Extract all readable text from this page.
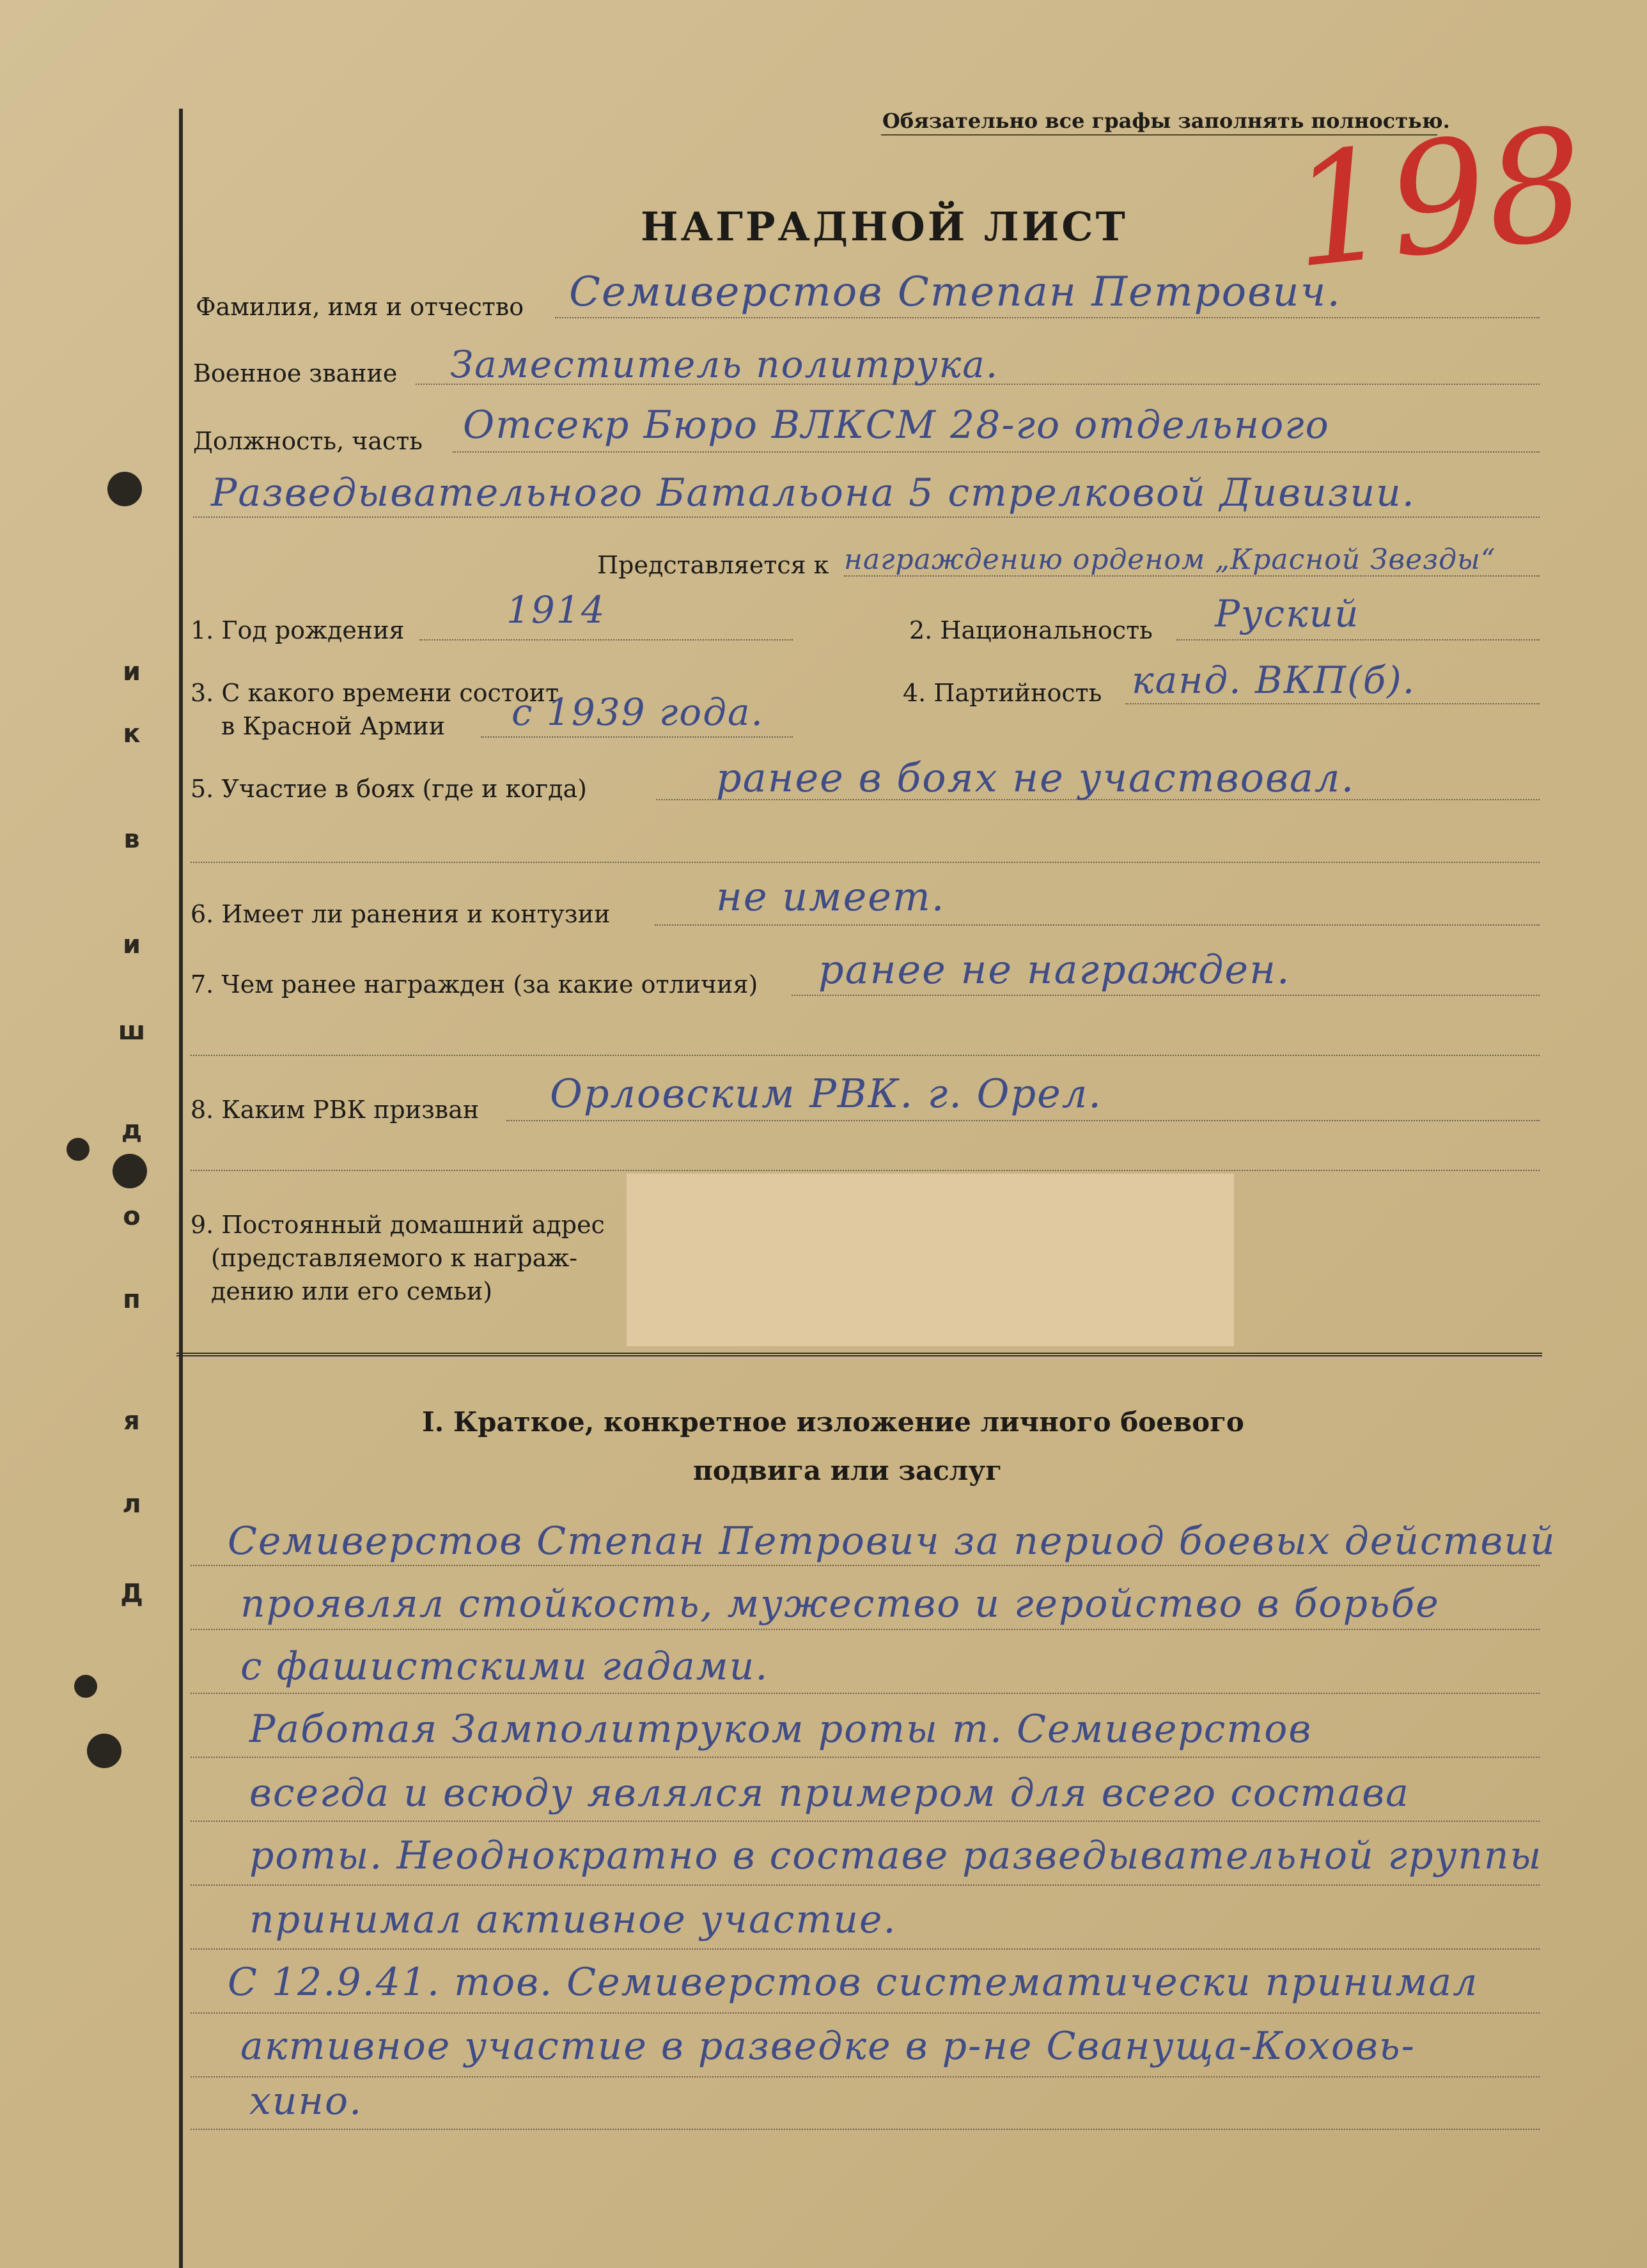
и
к
в
и
ш
д
о
п
я
л
Д
Обязательно все графы заполнять полностью.
198
НАГРАДНОЙ ЛИСТ
Фамилия, имя и отчество Семиверстов Степан Петрович.
Военное звание Заместитель политрука.
Должность, часть Отсекр Бюро ВЛКСМ 28-го отдельного
Разведывательного Батальона 5 стрелковой Дивизии.
Представляется к награждению орденом „Красной Звезды“
1. Год рождения	1914	2. Национальность Руский
3. С какого времени состоит
в Красной Армии с 1939 года.	4. Партийность канд. ВКП(б).
5. Участие в боях (где и когда)	ранее в боях не участвовал.
6. Имеет ли ранения и контузии	не имеет.
7. Чем ранее награжден (за какие отличия) ранее не награжден.
8. Каким РВК призван Орловским РВК. г. Орел.
9. Постоянный домашний адрес
(представляемого к награж-
дению или его семьи)
I. Краткое, конкретное изложение личного боевого
подвига или заслуг
Семиверстов Степан Петрович за период боевых действий
проявлял стойкость, мужество и геройство в борьбе
с фашистскими гадами.
Работая Замполитруком роты т. Семиверстов
всегда и всюду являлся примером для всего состава
роты. Неоднократно в составе разведывательной группы
принимал активное участие.
С 12.9.41. тов. Семиверстов систематически принимал
активное участие в разведке в р-не Свануща-Коховь-
хино.
